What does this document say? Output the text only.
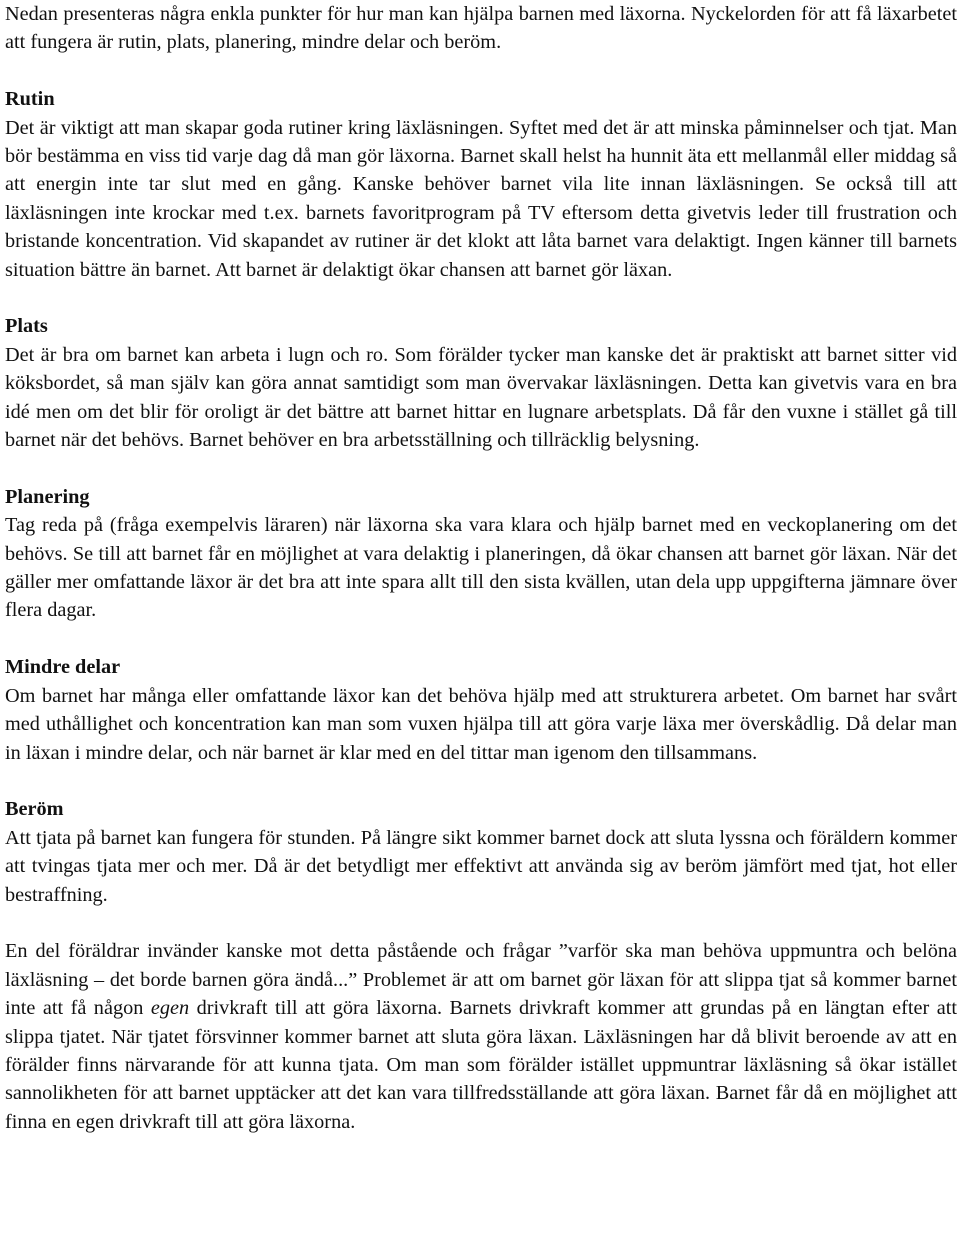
Nedan presenteras några enkla punkter för hur man kan hjälpa barnen med läxorna. Nyckelorden för att få läxarbetet att fungera är rutin, plats, planering, mindre delar och beröm.

Rutin

Det är viktigt att man skapar goda rutiner kring läxläsningen. Syftet med det är att minska påminnelser och tjat. Man bör bestämma en viss tid varje dag då man gör läxorna. Barnet skall helst ha hunnit äta ett mellanmål eller middag så att energin inte tar slut med en gång. Kanske behöver barnet vila lite innan läxläsningen. Se också till att läxläsningen inte krockar med t.ex. barnets favoritprogram på TV eftersom detta givetvis leder till frustration och bristande koncentration. Vid skapandet av rutiner är det klokt att låta barnet vara delaktigt. Ingen känner till barnets situation bättre än barnet. Att barnet är delaktigt ökar chansen att barnet gör läxan.

Plats

Det är bra om barnet kan arbeta i lugn och ro. Som förälder tycker man kanske det är praktiskt att barnet sitter vid köksbordet, så man själv kan göra annat samtidigt som man övervakar läxläsningen. Detta kan givetvis vara en bra idé men om det blir för oroligt är det bättre att barnet hittar en lugnare arbetsplats. Då får den vuxne i stället gå till barnet när det behövs. Barnet behöver en bra arbetsställning och tillräcklig belysning.

Planering

Tag reda på (fråga exempelvis läraren) när läxorna ska vara klara och hjälp barnet med en veckoplanering om det behövs. Se till att barnet får en möjlighet at vara delaktig i planeringen, då ökar chansen att barnet gör läxan. När det gäller mer omfattande läxor är det bra att inte spara allt till den sista kvällen, utan dela upp uppgifterna jämnare över flera dagar.

Mindre delar

Om barnet har många eller omfattande läxor kan det behöva hjälp med att strukturera arbetet. Om barnet har svårt med uthållighet och koncentration kan man som vuxen hjälpa till att göra varje läxa mer överskådlig. Då delar man in läxan i mindre delar, och när barnet är klar med en del tittar man igenom den tillsammans.

Beröm

Att tjata på barnet kan fungera för stunden. På längre sikt kommer barnet dock att sluta lyssna och föräldern kommer att tvingas tjata mer och mer. Då är det betydligt mer effektivt att använda sig av beröm jämfört med tjat, hot eller bestraffning.

En del föräldrar invänder kanske mot detta påstående och frågar ”varför ska man behöva uppmuntra och belöna läxläsning – det borde barnen göra ändå...” Problemet är att om barnet gör läxan för att slippa tjat så kommer barnet inte att få någon egen drivkraft till att göra läxorna. Barnets drivkraft kommer att grundas på en längtan efter att slippa tjatet. När tjatet försvinner kommer barnet att sluta göra läxan. Läxläsningen har då blivit beroende av att en förälder finns närvarande för att kunna tjata. Om man som förälder istället uppmuntrar läxläsning så ökar istället sannolikheten för att barnet upptäcker att det kan vara tillfredsställande att göra läxan. Barnet får då en möjlighet att finna en egen drivkraft till att göra läxorna.
